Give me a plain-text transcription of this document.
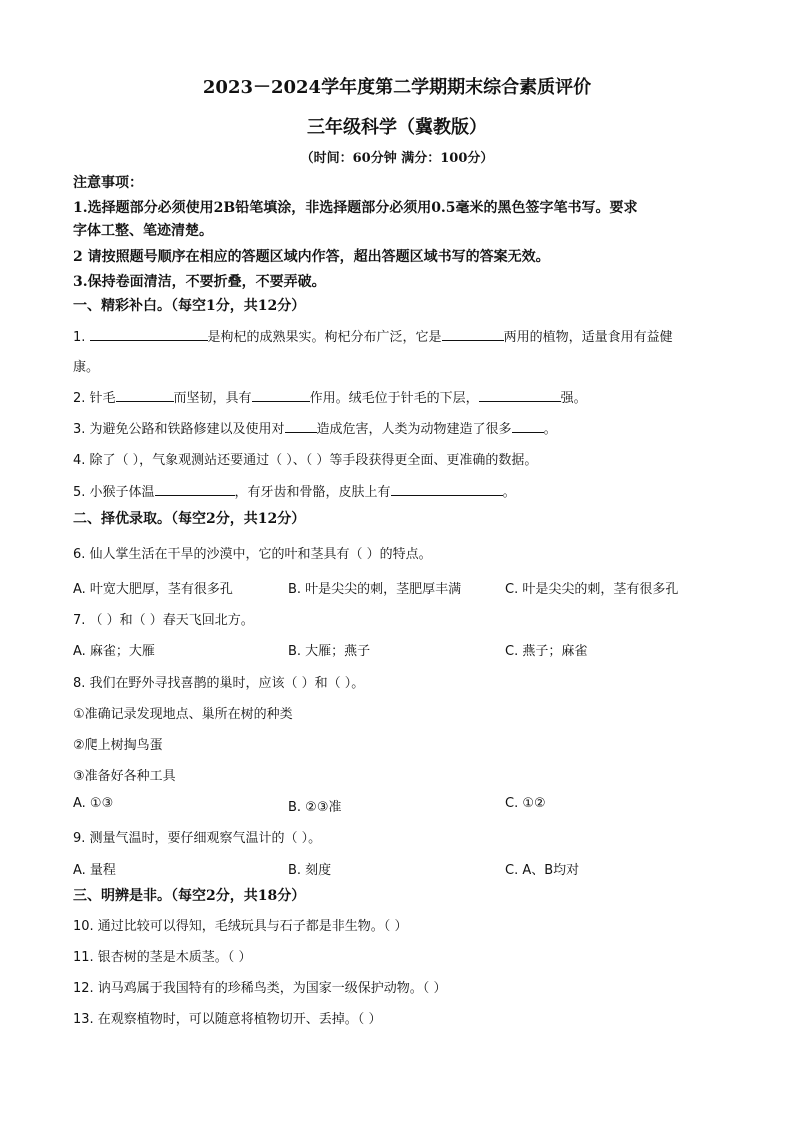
2023－2024学年度第二学期期末综合素质评价
三年级科学（冀教版）
（时间：60分钟 满分：100分）
注意事项：
1.选择题部分必须使用2B铅笔填涂，非选择题部分必须用0.5毫米的黑色签字笔书写。要求
字体工整、笔迹清楚。
2 请按照题号顺序在相应的答题区域内作答，超出答题区域书写的答案无效。
3.保持卷面清洁，不要折叠，不要弄破。
一、精彩补白。（每空1分，共12分）
1.	是枸杞的成熟果实。枸杞分布广泛，它是	两用的植物，适量食用有益健
康。
2. 针毛	而坚韧，具有	作用。绒毛位于针毛的下层，	强。
3. 为避免公路和铁路修建以及使用对 造成危害，人类为动物建造了很多 。
4. 除了（ ），气象观测站还要通过（ ）、（ ）等手段获得更全面、更准确的数据。
5. 小猴子体温	，有牙齿和骨骼，皮肤上有	。
二、择优录取。（每空2分，共12分）
6. 仙人掌生活在干旱的沙漠中，它的叶和茎具有（ ）的特点。
A. 叶宽大肥厚，茎有很多孔	B. 叶是尖尖的刺，茎肥厚丰满	C. 叶是尖尖的刺，茎有很多孔
7. （ ）和（ ）春天飞回北方。
A. 麻雀；大雁	B. 大雁；燕子	C. 燕子；麻雀
8. 我们在野外寻找喜鹊的巢时，应该（ ）和（ ）。
①准确记录发现地点、巢所在树的种类
②爬上树掏鸟蛋
③准备好各种工具
A. ①③	B. ②③准	C. ①②
9. 测量气温时，要仔细观察气温计的（ ）。
A. 量程	B. 刻度	C. A、B均对
三、明辨是非。（每空2分，共18分）
10. 通过比较可以得知，毛绒玩具与石子都是非生物。（ ）
11. 银杏树的茎是木质茎。（ ）
12. 讷马鸡属于我国特有的珍稀鸟类，为国家一级保护动物。（ ）
13. 在观察植物时，可以随意将植物切开、丢掉。（ ）
